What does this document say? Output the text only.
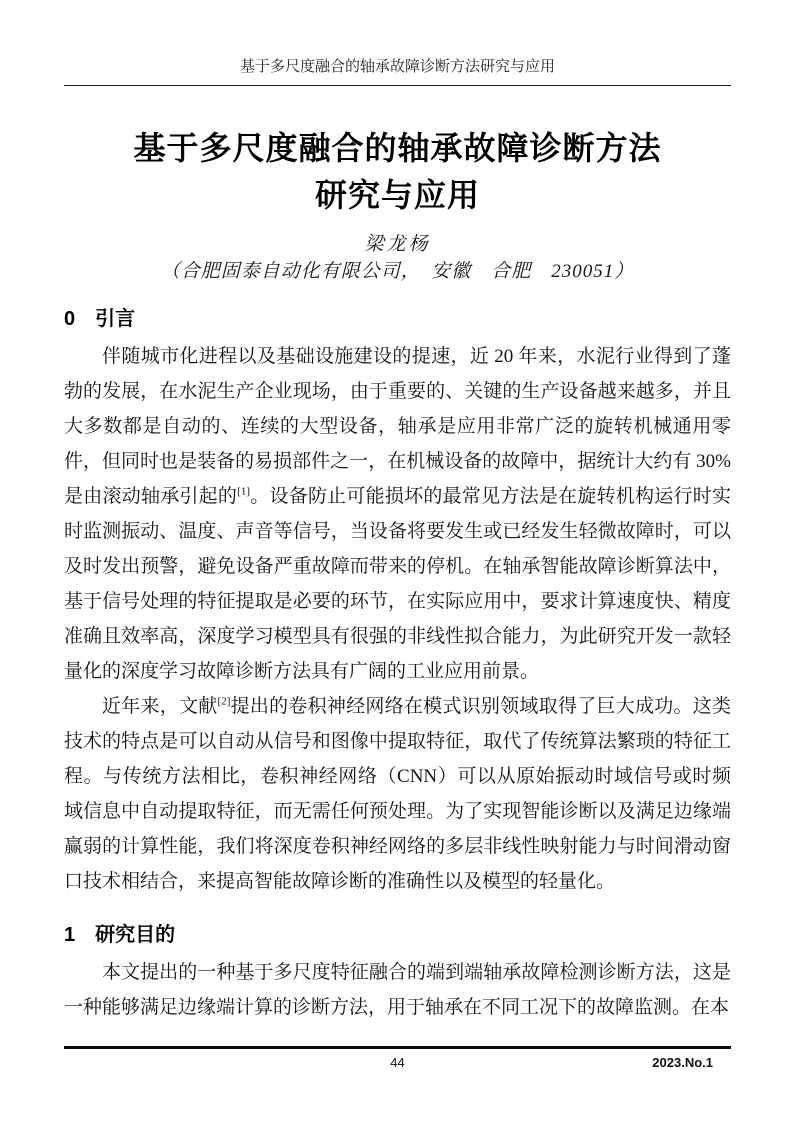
基于多尺度融合的轴承故障诊断方法研究与应用
基于多尺度融合的轴承故障诊断方法
研究与应用
梁龙杨
（合肥固泰自动化有限公司，　安徽　合肥　230051）
0　引言

伴随城市化进程以及基础设施建设的提速，近 20 年来，水泥行业得到了蓬勃的发展，在水泥生产企业现场，由于重要的、关键的生产设备越来越多，并且大多数都是自动的、连续的大型设备，轴承是应用非常广泛的旋转机械通用零件，但同时也是装备的易损部件之一，在机械设备的故障中，据统计大约有 30%是由滚动轴承引起的[1]。设备防止可能损坏的最常见方法是在旋转机构运行时实时监测振动、温度、声音等信号，当设备将要发生或已经发生轻微故障时，可以及时发出预警，避免设备严重故障而带来的停机。在轴承智能故障诊断算法中，基于信号处理的特征提取是必要的环节，在实际应用中，要求计算速度快、精度准确且效率高，深度学习模型具有很强的非线性拟合能力，为此研究开发一款轻量化的深度学习故障诊断方法具有广阔的工业应用前景。

近年来，文献[2]提出的卷积神经网络在模式识别领域取得了巨大成功。这类技术的特点是可以自动从信号和图像中提取特征，取代了传统算法繁琐的特征工程。与传统方法相比，卷积神经网络（CNN）可以从原始振动时域信号或时频域信息中自动提取特征，而无需任何预处理。为了实现智能诊断以及满足边缘端赢弱的计算性能，我们将深度卷积神经网络的多层非线性映射能力与时间滑动窗口技术相结合，来提高智能故障诊断的准确性以及模型的轻量化。

1　研究目的

本文提出的一种基于多尺度特征融合的端到端轴承故障检测诊断方法，这是一种能够满足边缘端计算的诊断方法，用于轴承在不同工况下的故障监测。在本

44	2023.No.1
